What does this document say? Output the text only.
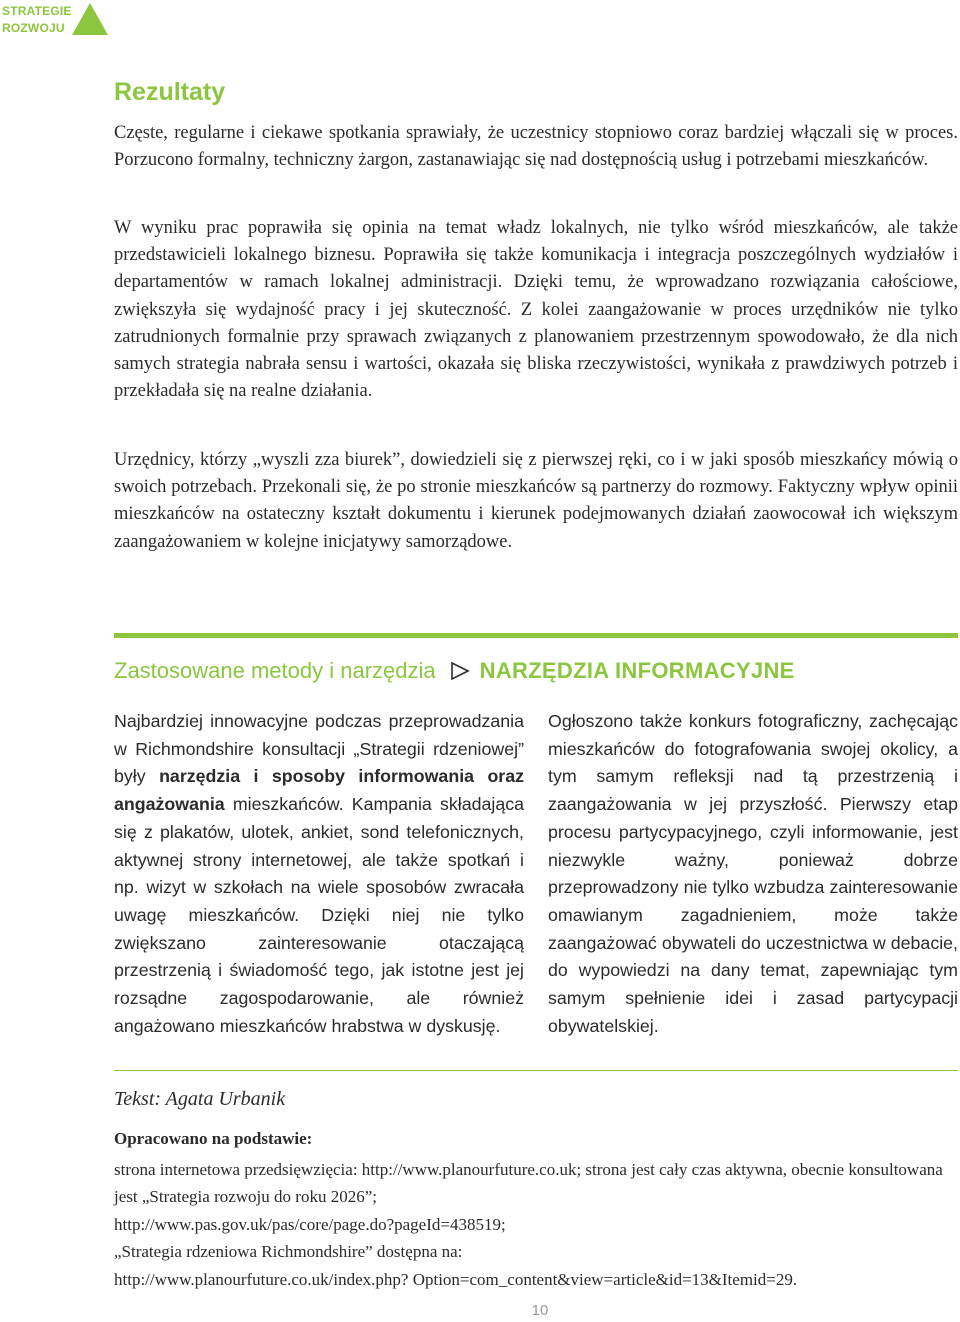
STRATEGIE
ROZWOJU
Rezultaty

Częste, regularne i ciekawe spotkania sprawiały, że uczestnicy stopniowo coraz bardziej włączali się w proces. Porzucono formalny, techniczny żargon, zastanawiając się nad dostępnością usług i potrzebami mieszkańców.

W wyniku prac poprawiła się opinia na temat władz lokalnych, nie tylko wśród mieszkańców, ale także przedstawicieli lokalnego biznesu. Poprawiła się także komunikacja i integracja poszczególnych wydziałów i departamentów w ramach lokalnej administracji. Dzięki temu, że wprowadzano rozwiązania całościowe, zwiększyła się wydajność pracy i jej skuteczność. Z kolei zaangażowanie w proces urzędników nie tylko zatrudnionych formalnie przy sprawach związanych z planowaniem przestrzennym spowodowało, że dla nich samych strategia nabrała sensu i wartości, okazała się bliska rzeczywistości, wynikała z prawdziwych potrzeb i przekładała się na realne działania.

Urzędnicy, którzy „wyszli zza biurek”, dowiedzieli się z pierwszej ręki, co i w jaki sposób mieszkańcy mówią o swoich potrzebach. Przekonali się, że po stronie mieszkańców są partnerzy do rozmowy. Faktyczny wpływ opinii mieszkańców na ostateczny kształt dokumentu i kierunek podejmowanych działań zaowocował ich większym zaangażowaniem w kolejne inicjatywy samorządowe.

Zastosowane metody i narzędzia NARZĘDZIA INFORMACYJNE

Najbardziej innowacyjne podczas przeprowadzania w Richmondshire konsultacji „Strategii rdzeniowej” były narzędzia i sposoby informowania oraz angażowania mieszkańców. Kampania składająca się z plakatów, ulotek, ankiet, sond telefonicznych, aktywnej strony internetowej, ale także spotkań i np. wizyt w szkołach na wiele sposobów zwracała uwagę mieszkańców. Dzięki niej nie tylko zwiększano zainteresowanie otaczającą przestrzenią i świadomość tego, jak istotne jest jej rozsądne zagospodarowanie, ale również angażowano mieszkańców hrabstwa w dyskusję.

Ogłoszono także konkurs fotograficzny, zachęcając mieszkańców do fotografowania swojej okolicy, a tym samym refleksji nad tą przestrzenią i zaangażowania w jej przyszłość. Pierwszy etap procesu partycypacyjnego, czyli informowanie, jest niezwykle ważny, ponieważ dobrze przeprowadzony nie tylko wzbudza zainteresowanie omawianym zagadnieniem, może także zaangażować obywateli do uczestnictwa w debacie, do wypowiedzi na dany temat, zapewniając tym samym spełnienie idei i zasad partycypacji obywatelskiej.

Tekst: Agata Urbanik

Opracowano na podstawie:

strona internetowa przedsięwzięcia: http://www.planourfuture.co.uk; strona jest cały czas aktywna, obecnie konsultowana jest „Strategia rozwoju do roku 2026”;
http://www.pas.gov.uk/pas/core/page.do?pageId=438519;
„Strategia rdzeniowa Richmondshire” dostępna na:
http://www.planourfuture.co.uk/index.php? Option=com_content&view=article&id=13&Itemid=29.
10
